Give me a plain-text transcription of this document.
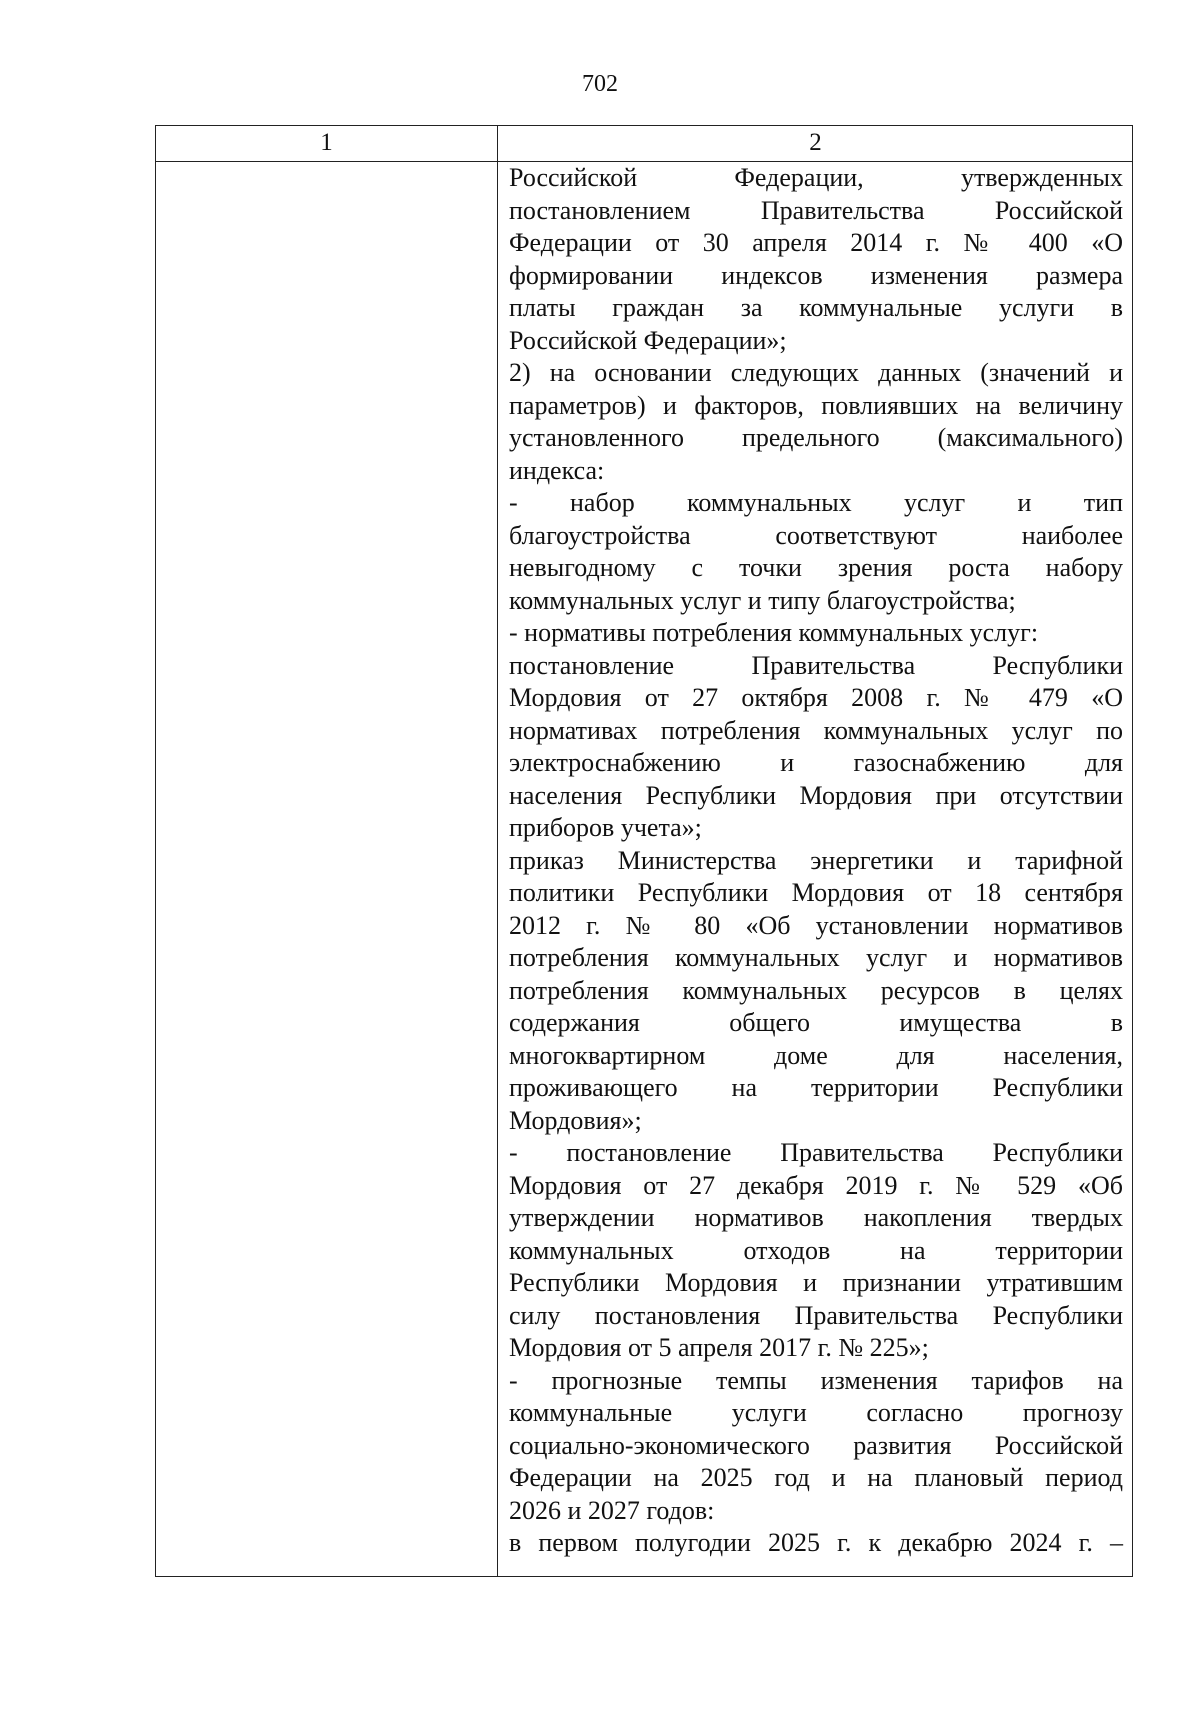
702
1	2
Российской Федерации, утвержденных
постановлением Правительства Российской
Федерации от 30 апреля 2014 г. № 400 «О
формировании индексов изменения размера
платы граждан за коммунальные услуги в
Российской Федерации»;
2) на основании следующих данных (значений и
параметров) и факторов, повлиявших на величину
установленного предельного (максимального)
индекса:
- набор коммунальных услуг и тип
благоустройства соответствуют наиболее
невыгодному с точки зрения роста набору
коммунальных услуг и типу благоустройства;
- нормативы потребления коммунальных услуг:
постановление Правительства Республики
Мордовия от 27 октября 2008 г. № 479 «О
нормативах потребления коммунальных услуг по
электроснабжению и газоснабжению для
населения Республики Мордовия при отсутствии
приборов учета»;
приказ Министерства энергетики и тарифной
политики Республики Мордовия от 18 сентября
2012 г. № 80 «Об установлении нормативов
потребления коммунальных услуг и нормативов
потребления коммунальных ресурсов в целях
содержания общего имущества в
многоквартирном доме для населения,
проживающего на территории Республики
Мордовия»;
- постановление Правительства Республики
Мордовия от 27 декабря 2019 г. № 529 «Об
утверждении нормативов накопления твердых
коммунальных отходов на территории
Республики Мордовия и признании утратившим
силу постановления Правительства Республики
Мордовия от 5 апреля 2017 г. № 225»;
- прогнозные темпы изменения тарифов на
коммунальные услуги согласно прогнозу
социально-экономического развития Российской
Федерации на 2025 год и на плановый период
2026 и 2027 годов:
в первом полугодии 2025 г. к декабрю 2024 г. –
